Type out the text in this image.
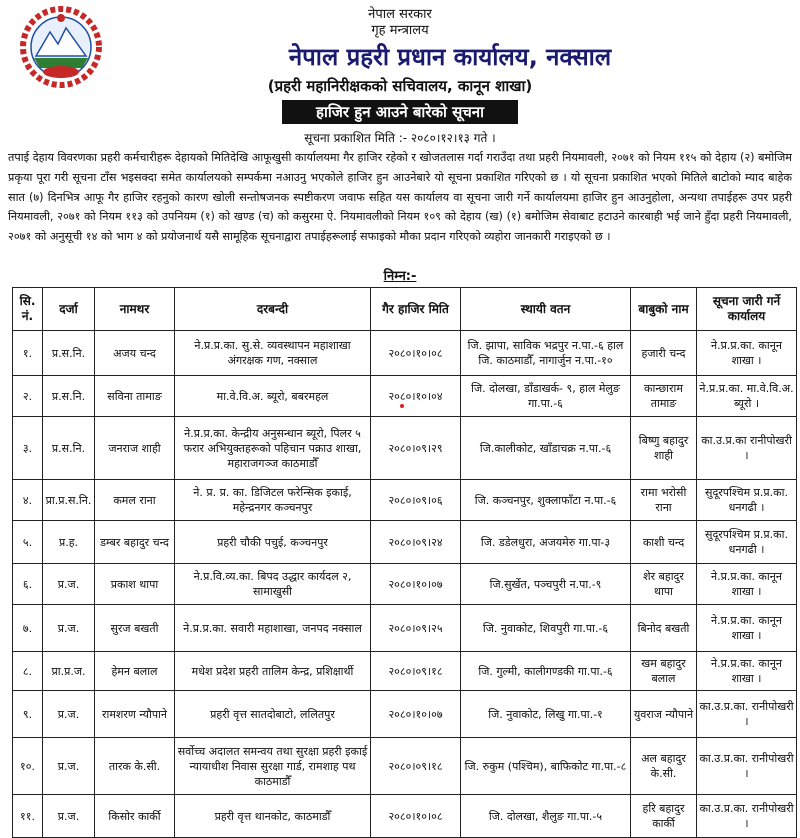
नेपाल सरकार
गृह मन्त्रालय
नेपाल प्रहरी प्रधान कार्यालय, नक्साल
(प्रहरी महानिरीक्षकको सचिवालय, कानून शाखा)
हाजिर हुन आउने बारेको सूचना
सूचना प्रकाशित मिति :- २०८०।१२।१३ गते ।
तपाई देहाय विवरणका प्रहरी कर्मचारीहरू देहायको मितिदेखि आफूखुसी कार्यालयमा गैर हाजिर रहेको र खोजतलास गर्दा गराउँदा तथा प्रहरी नियमावली, २०७१ को नियम ११५ को देहाय (२) बमोजिम प्रकृया पूरा गरी सूचना टाँस भइसक्दा समेत कार्यालयको सम्पर्कमा नआउनु भएकोले हाजिर हुन आउनेबारे यो सूचना प्रकाशित गरिएको छ । यो सूचना प्रकाशित भएको मितिले बाटोको म्याद बाहेक सात (७) दिनभित्र आफू गैर हाजिर रहनुको कारण खोली सन्तोषजनक स्पष्टीकरण जवाफ सहित यस कार्यालय वा सूचना जारी गर्ने कार्यालयमा हाजिर हुन आउनुहोला, अन्यथा तपाईहरू उपर प्रहरी नियमावली, २०७१ को नियम ११३ को उपनियम (१) को खण्ड (च) को कसुरमा ऐ. नियमावलीको नियम १०९ को देहाय (ख) (१) बमोजिम सेवाबाट हटाउने कारबाही भई जाने हुँदा प्रहरी नियमावली, २०७१ को अनुसूची १४ को भाग ४ को प्रयोजनार्थ यसै सामूहिक सूचनाद्वारा तपाईहरूलाई सफाइको मौका प्रदान गरिएको व्यहोरा जानकारी गराइएको छ ।
निम्न:-
सि. नं.	दर्जा	नामथर	दरबन्दी	गैर हाजिर मिति	स्थायी वतन	बाबुको नाम	सूचना जारी गर्ने कार्यालय
१.	प्र.स.नि.	अजय चन्द	ने.प्र.प्र.का. सु.से. व्यवस्थापन महाशाखा अंगरक्षक गण, नक्साल	२०८०।१०।०८	जि. झापा, साविक भद्रपुर न.पा.-६ हाल जि. काठमाडौँ, नागार्जुन न.पा.-१०	हजारी चन्द	ने.प्र.प्र.का. कानून शाखा ।
२.	प्र.स.नि.	सविना तामाङ	मा.वे.वि.अ. ब्यूरो, बबरमहल	२०८०।१०।०४	जि. दोलखा, डाँडाखर्क- ९, हाल मेलुङ गा.पा.-६	कान्छाराम तामाङ	ने.प्र.प्र.का. मा.वे.वि.अ. ब्यूरो ।
३.	प्र.स.नि.	जनराज शाही	ने.प्र.प्र.का. केन्द्रीय अनुसन्धान ब्यूरो, पिलर ५ फरार अभियुक्तहरूको पहिचान पक्राउ शाखा, महाराजगञ्ज काठमाडौँ	२०८०।०९।२९	जि.कालीकोट, खाँडाचक्र न.पा.-६	बिष्णु बहादुर शाही	का.उ.प्र.का रानीपोखरी ।
४.	प्रा.प्र.स.नि.	कमल राना	ने. प्र. प्र. का. डिजिटल फरेन्सिक इकाई, महेन्द्रनगर कञ्चनपुर	२०८०।०९।०६	जि. कञ्चनपुर, शुक्लाफाँटा न.पा.-६	रामा भरोसी राना	सुदूरपश्चिम प्र.प्र.का. धनगढी ।
५.	प्र.ह.	डम्बर बहादुर चन्द	प्रहरी चौकी पचुई, कञ्चनपुर	२०८०।०९।२४	जि. डडेलधुरा, अजयमेरु गा.पा-३	काशी चन्द	सुदूरपश्चिम प्र.प्र.का. धनगढी ।
६.	प्र.ज.	प्रकाश थापा	ने.प्र.वि.व्य.का. बिपद उद्धार कार्यदल २, सामाखुसी	२०८०।१०।०७	जि.सुर्खेत, पञ्चपुरी न.पा.-९	शेर बहादुर थापा	ने.प्र.प्र.का. कानून शाखा ।
७.	प्र.ज.	सुरज बखती	ने.प्र.प्र.का. सवारी महाशाखा, जनपद नक्साल	२०८०।०९।२५	जि. नुवाकोट, शिवपुरी गा.पा.-६	बिनोद बखती	ने.प्र.प्र.का. कानून शाखा ।
८.	प्रा.प्र.ज.	हेमन बलाल	मधेश प्रदेश प्रहरी तालिम केन्द्र, प्रशिक्षार्थी	२०८०।०९।१८	जि. गुल्मी, कालीगण्डकी गा.पा.-६	खम बहादुर बलाल	ने.प्र.प्र.का. कानून शाखा ।
९.	प्र.ज.	रामशरण न्यौपाने	प्रहरी वृत्त सातदोबाटो, ललितपुर	२०८०।१०।०७	जि. नुवाकोट, लिखु गा.पा.-१	युवराज न्यौपाने	का.उ.प्र.का. रानीपोखरी ।
१०.	प्र.ज.	तारक के.सी.	सर्वोच्च अदालत समन्वय तथा सुरक्षा प्रहरी इकाई न्यायाधीश निवास सुरक्षा गार्ड, रामशाह पथ काठमाडौँ	२०८०।०९।१८	जि. रुकुम (पश्चिम), बाफिकोट गा.पा.-८	अल बहादुर के.सी.	का.उ.प्र.का. रानीपोखरी ।
११.	प्र.ज.	किसोर कार्की	प्रहरी वृत्त थानकोट, काठमाडौँ	२०८०।१०।०८	जि. दोलखा, शैलुङ गा.पा.-५	हरि बहादुर कार्की	का.उ.प्र.का. रानीपोखरी ।
